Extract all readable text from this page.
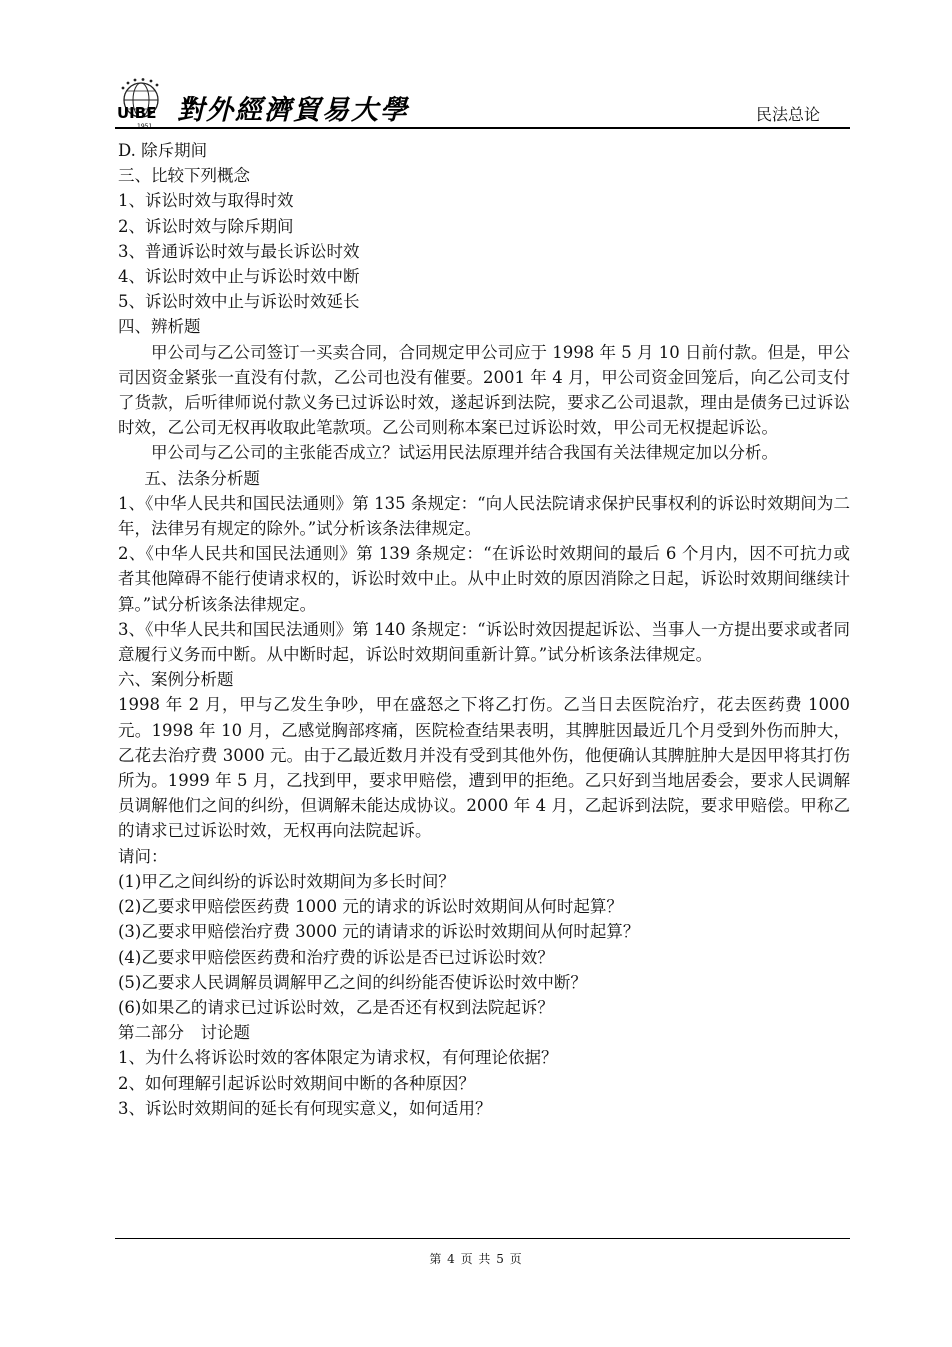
UIBE 對外經濟貿易大學	民法总论

D. 除斥期间

三、比较下列概念

1、诉讼时效与取得时效

2、诉讼时效与除斥期间

3、普通诉讼时效与最长诉讼时效

4、诉讼时效中止与诉讼时效中断

5、诉讼时效中止与诉讼时效延长

四、辨析题

甲公司与乙公司签订一买卖合同，合同规定甲公司应于 1998 年 5 月 10 日前付款。但是，甲公司因资金紧张一直没有付款，乙公司也没有催要。2001 年 4 月，甲公司资金回笼后，向乙公司支付了货款，后听律师说付款义务已过诉讼时效，遂起诉到法院，要求乙公司退款，理由是债务已过诉讼时效，乙公司无权再收取此笔款项。乙公司则称本案已过诉讼时效，甲公司无权提起诉讼。

甲公司与乙公司的主张能否成立？试运用民法原理并结合我国有关法律规定加以分析。

五、法条分析题

1、《中华人民共和国民法通则》第 135 条规定：“向人民法院请求保护民事权利的诉讼时效期间为二年，法律另有规定的除外。”试分析该条法律规定。

2、《中华人民共和国民法通则》第 139 条规定：“在诉讼时效期间的最后 6 个月内，因不可抗力或者其他障碍不能行使请求权的，诉讼时效中止。从中止时效的原因消除之日起，诉讼时效期间继续计算。”试分析该条法律规定。

3、《中华人民共和国民法通则》第 140 条规定：“诉讼时效因提起诉讼、当事人一方提出要求或者同意履行义务而中断。从中断时起，诉讼时效期间重新计算。”试分析该条法律规定。

六、案例分析题

1998 年 2 月，甲与乙发生争吵，甲在盛怒之下将乙打伤。乙当日去医院治疗，花去医药费 1000 元。1998 年 10 月，乙感觉胸部疼痛，医院检查结果表明，其脾脏因最近几个月受到外伤而肿大，乙花去治疗费 3000 元。由于乙最近数月并没有受到其他外伤，他便确认其脾脏肿大是因甲将其打伤所为。1999 年 5 月，乙找到甲，要求甲赔偿，遭到甲的拒绝。乙只好到当地居委会，要求人民调解员调解他们之间的纠纷，但调解未能达成协议。2000 年 4 月，乙起诉到法院，要求甲赔偿。甲称乙的请求已过诉讼时效，无权再向法院起诉。

请问：

(1)甲乙之间纠纷的诉讼时效期间为多长时间？

(2)乙要求甲赔偿医药费 1000 元的请求的诉讼时效期间从何时起算？

(3)乙要求甲赔偿治疗费 3000 元的请请求的诉讼时效期间从何时起算？

(4)乙要求甲赔偿医药费和治疗费的诉讼是否已过诉讼时效？

(5)乙要求人民调解员调解甲乙之间的纠纷能否使诉讼时效中断？

(6)如果乙的请求已过诉讼时效，乙是否还有权到法院起诉？

第二部分　讨论题

1、为什么将诉讼时效的客体限定为请求权，有何理论依据？

2、如何理解引起诉讼时效期间中断的各种原因？

3、诉讼时效期间的延长有何现实意义，如何适用？

第 4 页 共 5 页
